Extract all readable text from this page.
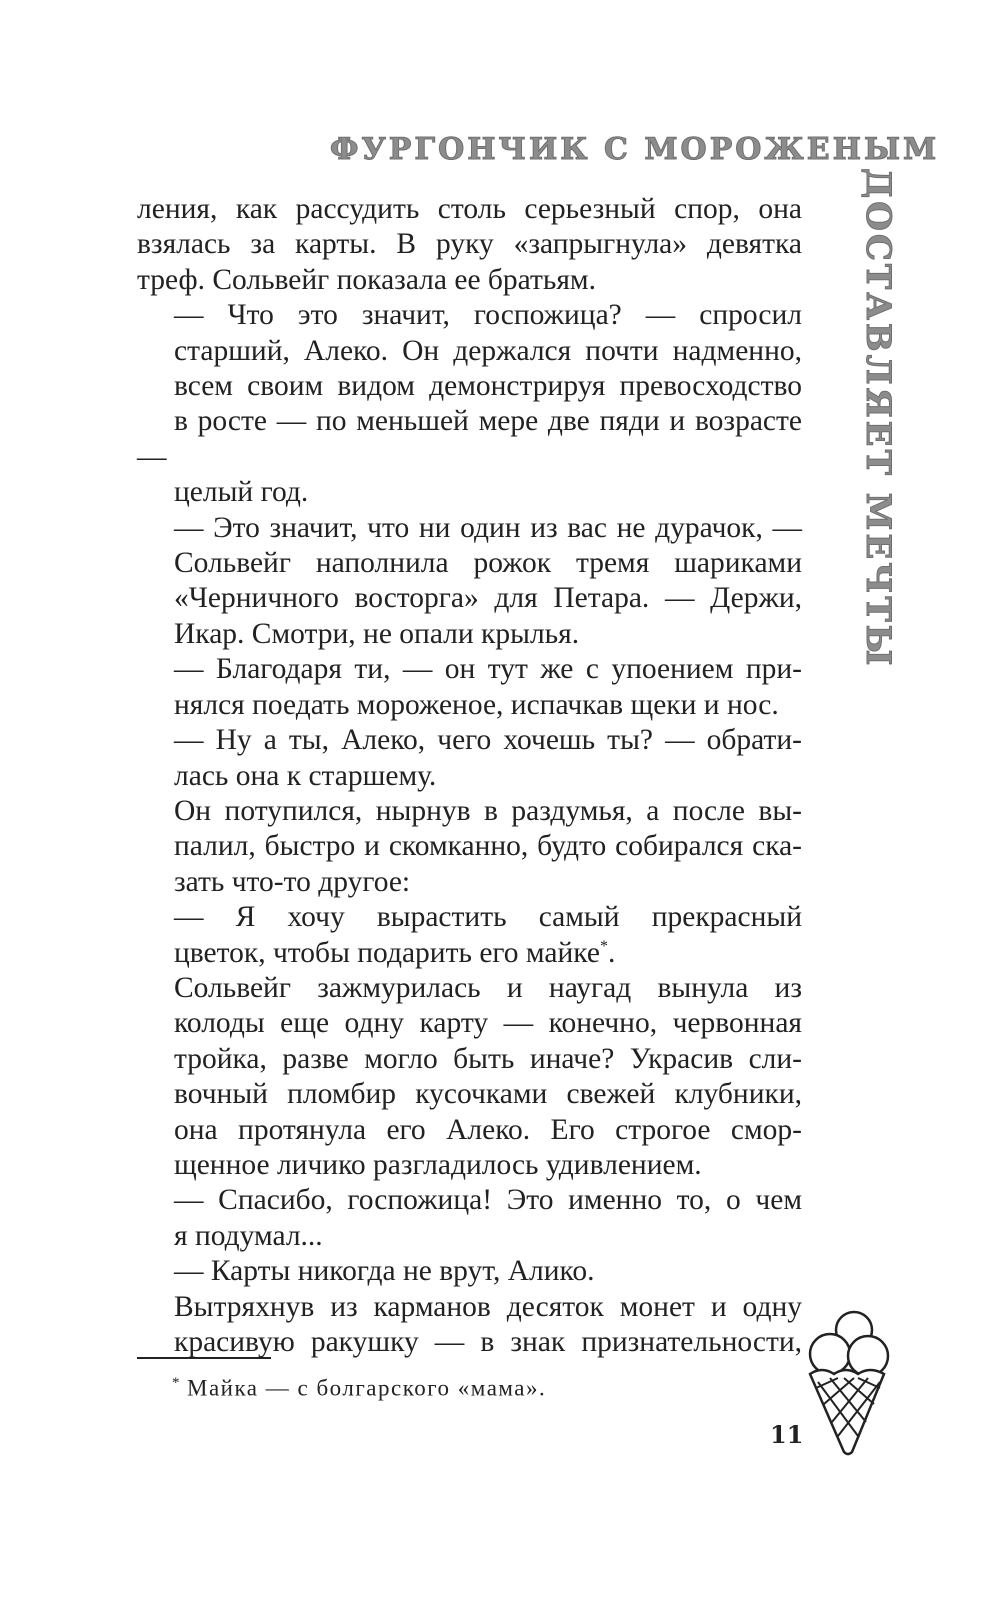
ФУРГОНЧИК С МОРОЖЕНЫМ
ДОСТАВЛЯЕТ МЕЧТЫ
ления, как рассудить столь серьезный спор, она
взялась за карты. В руку «запрыгнула» девятка
треф. Сольвейг показала ее братьям.
— Что это значит, госпожица? — спросил
старший, Алеко. Он держался почти надменно,
всем своим видом демонстрируя превосходство
в росте — по меньшей мере две пяди и возрасте —
целый год.
— Это значит, что ни один из вас не дурачок, —
Сольвейг наполнила рожок тремя шариками
«Черничного восторга» для Петара. — Держи,
Икар. Смотри, не опали крылья.
— Благодаря ти, — он тут же с упоением при-
нялся поедать мороженое, испачкав щеки и нос.
— Ну а ты, Алеко, чего хочешь ты? — обрати-
лась она к старшему.
Он потупился, нырнув в раздумья, а после вы-
палил, быстро и скомканно, будто собирался ска-
зать что-то другое:
— Я хочу вырастить самый прекрасный
цветок, чтобы подарить его майке*.
Сольвейг зажмурилась и наугад вынула из
колоды еще одну карту — конечно, червонная
тройка, разве могло быть иначе? Украсив сли-
вочный пломбир кусочками свежей клубники,
она протянула его Алеко. Его строгое смор-
щенное личико разгладилось удивлением.
— Спасибо, госпожица! Это именно то, о чем
я подумал...
— Карты никогда не врут, Алико.
Вытряхнув из карманов десяток монет и одну
красивую ракушку — в знак признательности,
* Майка — с болгарского «мама».
11
